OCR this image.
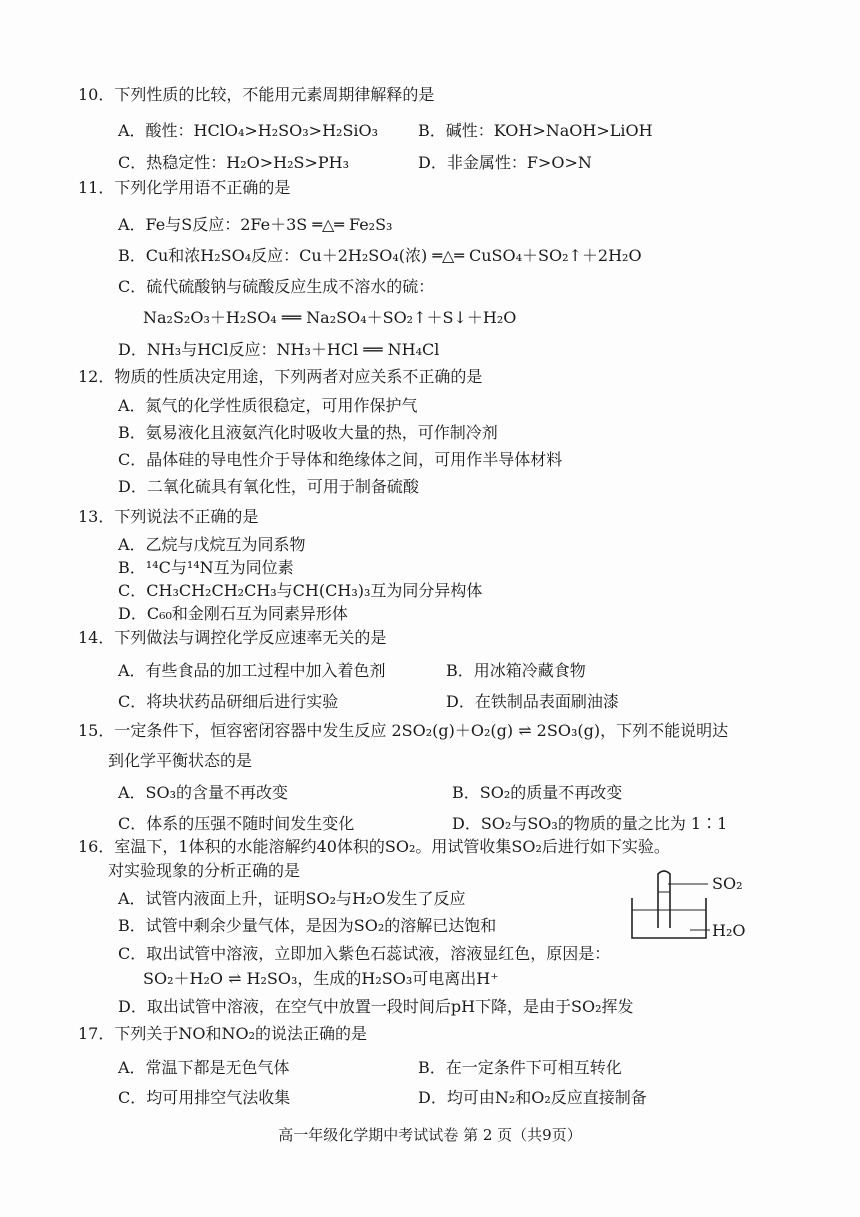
10．下列性质的比较，不能用元素周期律解释的是
A．酸性：HClO₄>H₂SO₃>H₂SiO₃ B．碱性：KOH>NaOH>LiOH
C．热稳定性：H₂O>H₂S>PH₃	D．非金属性：F>O>N
11．下列化学用语不正确的是
A．Fe与S反应：2Fe＋3S ═△═ Fe₂S₃
B．Cu和浓H₂SO₄反应：Cu＋2H₂SO₄(浓) ═△═ CuSO₄＋SO₂↑＋2H₂O
C．硫代硫酸钠与硫酸反应生成不溶水的硫：
Na₂S₂O₃＋H₂SO₄ ══ Na₂SO₄＋SO₂↑＋S↓＋H₂O
D．NH₃与HCl反应：NH₃＋HCl ══ NH₄Cl
12．物质的性质决定用途，下列两者对应关系不正确的是
A．氮气的化学性质很稳定，可用作保护气
B．氨易液化且液氨汽化时吸收大量的热，可作制冷剂
C．晶体硅的导电性介于导体和绝缘体之间，可用作半导体材料
D．二氧化硫具有氧化性，可用于制备硫酸
13．下列说法不正确的是
A．乙烷与戊烷互为同系物
B．¹⁴C与¹⁴N互为同位素
C．CH₃CH₂CH₂CH₃与CH(CH₃)₃互为同分异构体
D．C₆₀和金刚石互为同素异形体
14．下列做法与调控化学反应速率无关的是
A．有些食品的加工过程中加入着色剂	B．用冰箱冷藏食物
C．将块状药品研细后进行实验	D．在铁制品表面刷油漆
15．一定条件下，恒容密闭容器中发生反应 2SO₂(g)＋O₂(g) ⇌ 2SO₃(g)，下列不能说明达
到化学平衡状态的是
A．SO₃的含量不再改变	B．SO₂的质量不再改变
C．体系的压强不随时间发生变化	D．SO₂与SO₃的物质的量之比为 1∶1
16．室温下，1体积的水能溶解约40体积的SO₂。用试管收集SO₂后进行如下实验。
对实验现象的分析正确的是
A．试管内液面上升，证明SO₂与H₂O发生了反应
B．试管中剩余少量气体，是因为SO₂的溶解已达饱和
C．取出试管中溶液，立即加入紫色石蕊试液，溶液显红色，原因是：
SO₂＋H₂O ⇌ H₂SO₃，生成的H₂SO₃可电离出H⁺
D．取出试管中溶液，在空气中放置一段时间后pH下降，是由于SO₂挥发
SO₂
H₂O
17．下列关于NO和NO₂的说法正确的是
A．常温下都是无色气体	B．在一定条件下可相互转化
C．均可用排空气法收集	D．均可由N₂和O₂反应直接制备
高一年级化学期中考试试卷 第 2 页（共9页）
